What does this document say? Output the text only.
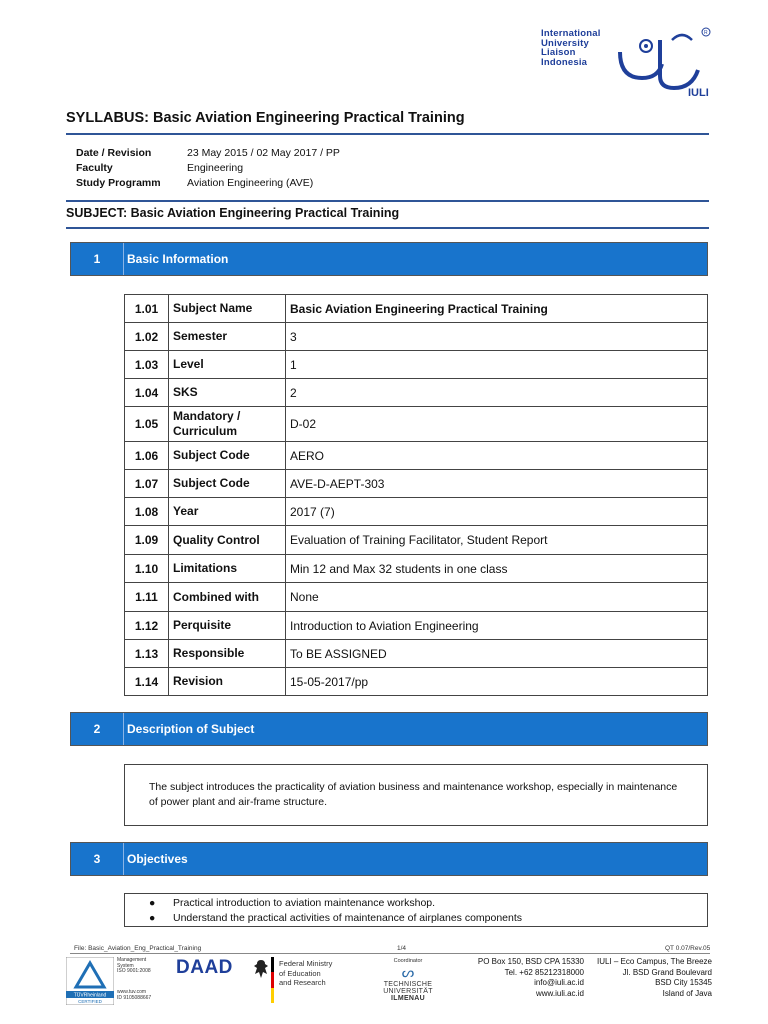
International
University
Liaison
Indonesia
R
IULI
SYLLABUS: Basic Aviation Engineering Practical Training
Date / Revision	23 May 2015 / 02 May 2017 / PP
Faculty	Engineering
Study Programm	Aviation Engineering (AVE)
SUBJECT: Basic Aviation Engineering Practical Training
1	Basic Information
1.01	Subject Name	Basic Aviation Engineering Practical Training
1.02	Semester	3
1.03	Level	1
1.04	SKS	2
1.05	Mandatory / Curriculum	D-02
1.06	Subject Code	AERO
1.07	Subject Code	AVE-D-AEPT-303
1.08	Year	2017 (7)
1.09	Quality Control	Evaluation of Training Facilitator, Student Report
1.10	Limitations	Min 12 and Max 32 students in one class
1.11	Combined with	None
1.12	Perquisite	Introduction to Aviation Engineering
1.13	Responsible	To BE ASSIGNED
1.14	Revision	15-05-2017/pp
2	Description of Subject
The subject introduces the practicality of aviation business and maintenance workshop, especially in maintenance of power plant and air-frame structure.
3	Objectives
●	Practical introduction to aviation maintenance workshop.
●	Understand the practical activities of maintenance of airplanes components
File: Basic_Aviation_Eng_Practical_Training	1/4	QT 0.07/Rev.05
TÜVRheinland
CERTIFIED
Management
System
ISO 9001:2008
www.tuv.com
ID 9105088667
DAAD	Federal Ministry
of Education
and Research
Coordinator
ᔕ
TECHNISCHE UNIVERSITÄT
ILMENAU
PO Box 150, BSD CPA 15330
Tel. +62 85212318000
info@iuli.ac.id
www.iuli.ac.id
IULI – Eco Campus, The Breeze
Jl. BSD Grand Boulevard
BSD City 15345
Island of Java
